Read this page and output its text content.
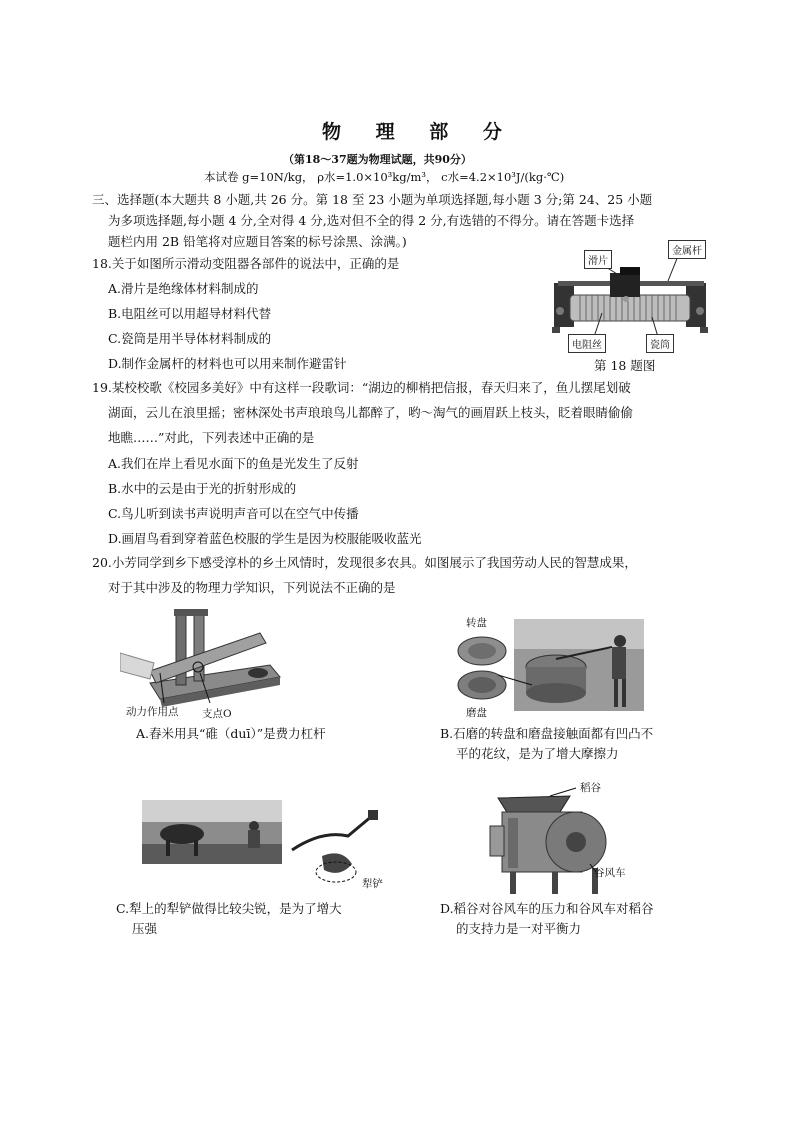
物 理 部 分
（第18～37题为物理试题，共90分）
本试卷 g=10N/kg， ρ水=1.0×10³kg/m³， c水=4.2×10³J/(kg·℃)
三、选择题(本大题共 8 小题,共 26 分。第 18 至 23 小题为单项选择题,每小题 3 分;第 24、25 小题
为多项选择题,每小题 4 分,全对得 4 分,选对但不全的得 2 分,有选错的不得分。请在答题卡选择
题栏内用 2B 铅笔将对应题目答案的标号涂黑、涂满。)
18.关于如图所示滑动变阻器各部件的说法中，正确的是
A.滑片是绝缘体材料制成的
B.电阻丝可以用超导材料代替
C.瓷筒是用半导体材料制成的
D.制作金属杆的材料也可以用来制作避雷针
滑片
金属杆
电阻丝	瓷筒
第 18 题图
19.某校校歌《校园多美好》中有这样一段歌词：“湖边的柳梢把信报，春天归来了，鱼儿摆尾划破
湖面，云儿在浪里摇；密林深处书声琅琅鸟儿都醉了，哟～淘气的画眉跃上枝头，眨着眼睛偷偷
地瞧……”对此，下列表述中正确的是
A.我们在岸上看见水面下的鱼是光发生了反射
B.水中的云是由于光的折射形成的
C.鸟儿听到读书声说明声音可以在空气中传播
D.画眉鸟看到穿着蓝色校服的学生是因为校服能吸收蓝光
20.小芳同学到乡下感受淳朴的乡土风情时，发现很多农具。如图展示了我国劳动人民的智慧成果，
对于其中涉及的物理力学知识，下列说法不正确的是
动力作用点 支点O
A.舂米用具“碓（duī）”是费力杠杆
转盘
磨盘
B.石磨的转盘和磨盘接触面都有凹凸不
平的花纹，是为了增大摩擦力
犁铲
C.犁上的犁铲做得比较尖锐，是为了增大
压强
稻谷
谷风车
D.稻谷对谷风车的压力和谷风车对稻谷
的支持力是一对平衡力
